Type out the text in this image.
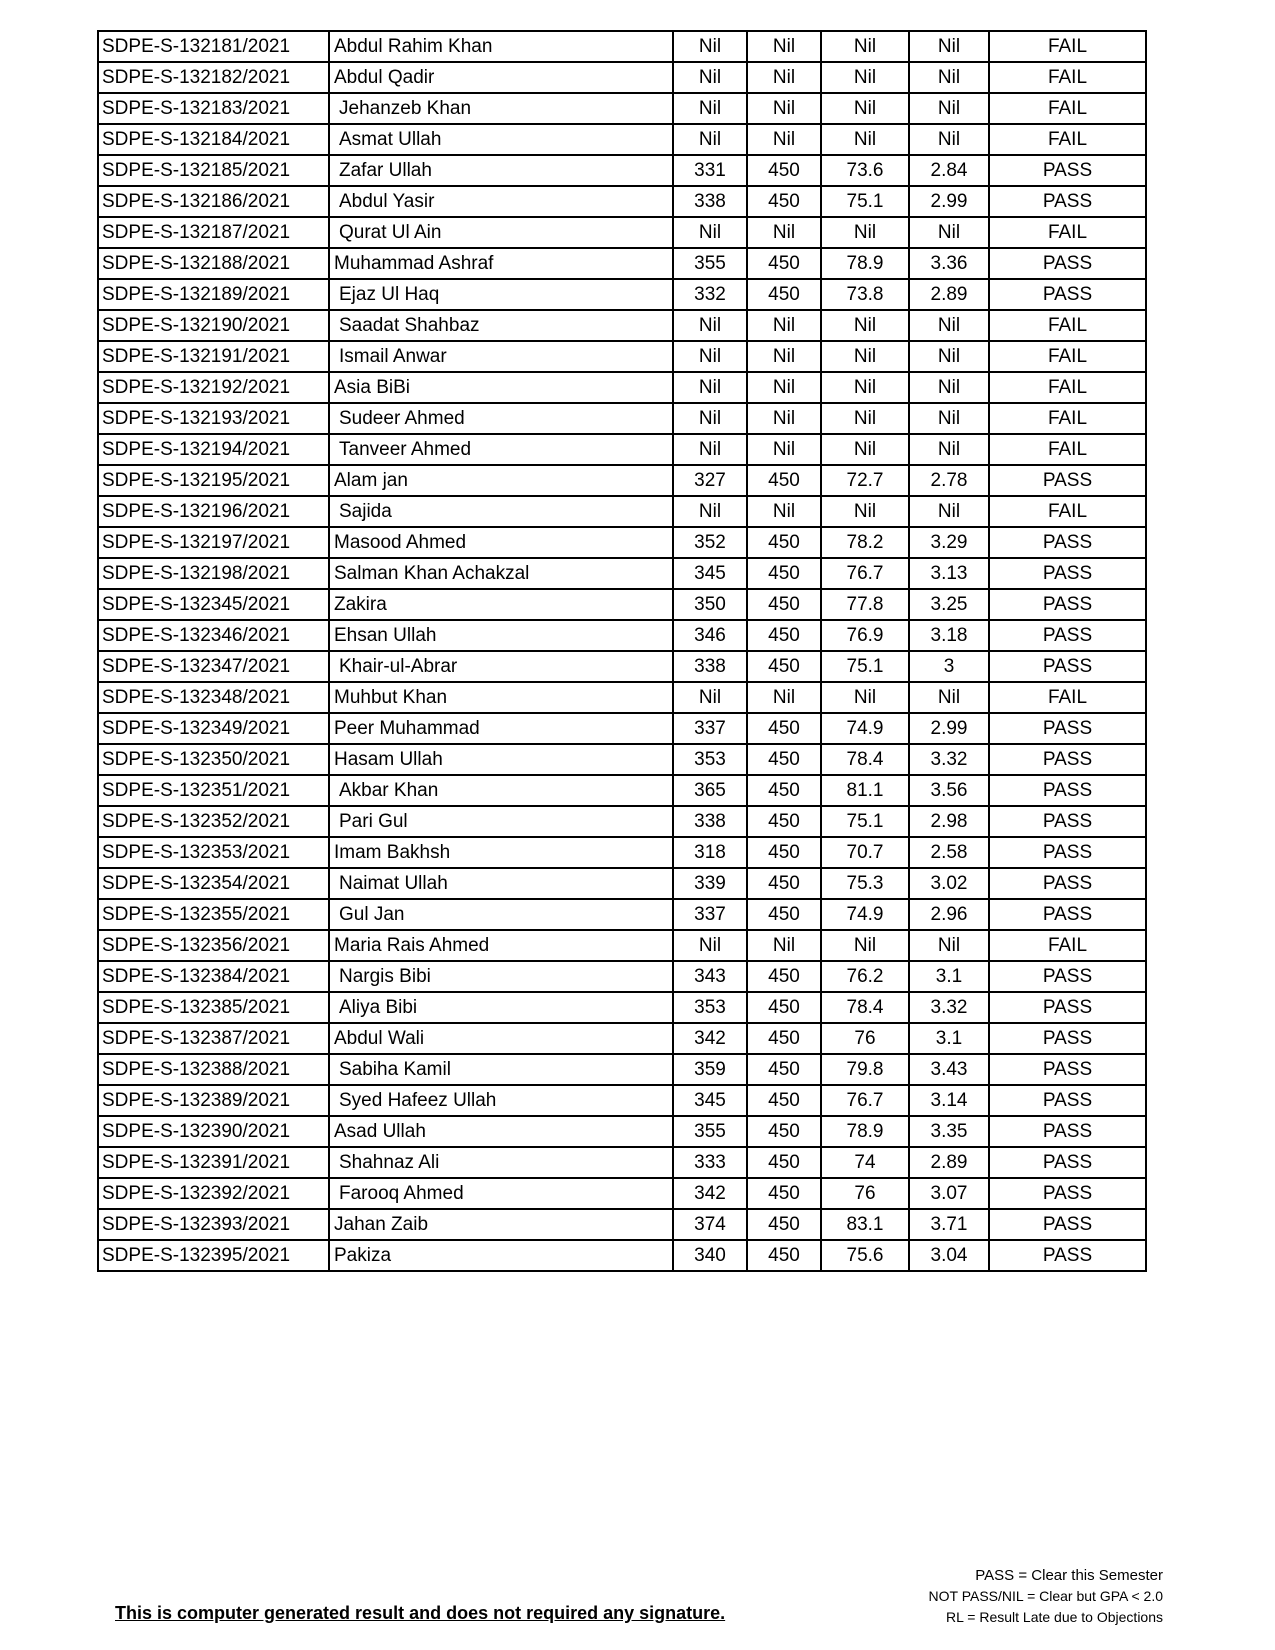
SDPE-S-132181/2021	Abdul Rahim Khan	Nil	Nil	Nil	Nil	FAIL
SDPE-S-132182/2021	Abdul Qadir	Nil	Nil	Nil	Nil	FAIL
SDPE-S-132183/2021	Jehanzeb Khan	Nil	Nil	Nil	Nil	FAIL
SDPE-S-132184/2021	Asmat Ullah	Nil	Nil	Nil	Nil	FAIL
SDPE-S-132185/2021	Zafar Ullah	331	450	73.6	2.84	PASS
SDPE-S-132186/2021	Abdul Yasir	338	450	75.1	2.99	PASS
SDPE-S-132187/2021	Qurat Ul Ain	Nil	Nil	Nil	Nil	FAIL
SDPE-S-132188/2021	Muhammad Ashraf	355	450	78.9	3.36	PASS
SDPE-S-132189/2021	Ejaz Ul Haq	332	450	73.8	2.89	PASS
SDPE-S-132190/2021	Saadat Shahbaz	Nil	Nil	Nil	Nil	FAIL
SDPE-S-132191/2021	Ismail Anwar	Nil	Nil	Nil	Nil	FAIL
SDPE-S-132192/2021	Asia BiBi	Nil	Nil	Nil	Nil	FAIL
SDPE-S-132193/2021	Sudeer Ahmed	Nil	Nil	Nil	Nil	FAIL
SDPE-S-132194/2021	Tanveer Ahmed	Nil	Nil	Nil	Nil	FAIL
SDPE-S-132195/2021	Alam jan	327	450	72.7	2.78	PASS
SDPE-S-132196/2021	Sajida	Nil	Nil	Nil	Nil	FAIL
SDPE-S-132197/2021	Masood Ahmed	352	450	78.2	3.29	PASS
SDPE-S-132198/2021	Salman Khan Achakzal	345	450	76.7	3.13	PASS
SDPE-S-132345/2021	Zakira	350	450	77.8	3.25	PASS
SDPE-S-132346/2021	Ehsan Ullah	346	450	76.9	3.18	PASS
SDPE-S-132347/2021	Khair-ul-Abrar	338	450	75.1	3	PASS
SDPE-S-132348/2021	Muhbut Khan	Nil	Nil	Nil	Nil	FAIL
SDPE-S-132349/2021	Peer Muhammad	337	450	74.9	2.99	PASS
SDPE-S-132350/2021	Hasam Ullah	353	450	78.4	3.32	PASS
SDPE-S-132351/2021	Akbar Khan	365	450	81.1	3.56	PASS
SDPE-S-132352/2021	Pari Gul	338	450	75.1	2.98	PASS
SDPE-S-132353/2021	Imam Bakhsh	318	450	70.7	2.58	PASS
SDPE-S-132354/2021	Naimat Ullah	339	450	75.3	3.02	PASS
SDPE-S-132355/2021	Gul Jan	337	450	74.9	2.96	PASS
SDPE-S-132356/2021	Maria Rais Ahmed	Nil	Nil	Nil	Nil	FAIL
SDPE-S-132384/2021	Nargis Bibi	343	450	76.2	3.1	PASS
SDPE-S-132385/2021	Aliya Bibi	353	450	78.4	3.32	PASS
SDPE-S-132387/2021	Abdul Wali	342	450	76	3.1	PASS
SDPE-S-132388/2021	Sabiha Kamil	359	450	79.8	3.43	PASS
SDPE-S-132389/2021	Syed Hafeez Ullah	345	450	76.7	3.14	PASS
SDPE-S-132390/2021	Asad Ullah	355	450	78.9	3.35	PASS
SDPE-S-132391/2021	Shahnaz Ali	333	450	74	2.89	PASS
SDPE-S-132392/2021	Farooq Ahmed	342	450	76	3.07	PASS
SDPE-S-132393/2021	Jahan Zaib	374	450	83.1	3.71	PASS
SDPE-S-132395/2021	Pakiza	340	450	75.6	3.04	PASS
This is computer generated result and does not required any signature.
PASS = Clear this Semester
NOT PASS/NIL = Clear but GPA < 2.0
RL = Result Late due to Objections
